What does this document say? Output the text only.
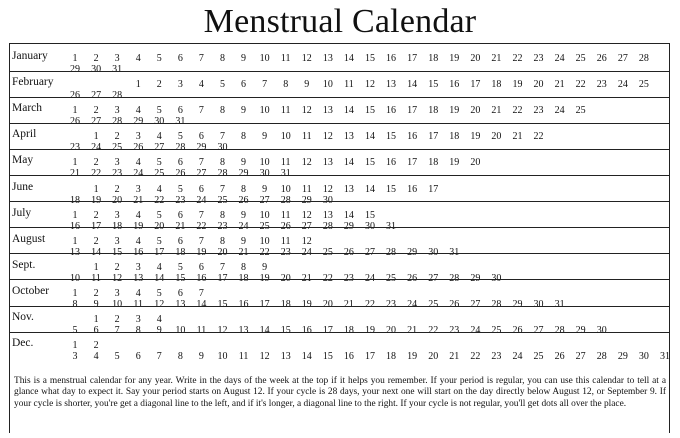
Menstrual Calendar
January	1	2	3	4	5	6	7	8	9	10	11	12	13	14	15	16	17	18	19	20	21	22	23	24	25	26	27	28
29	30	31
February	1	2	3	4	5	6	7	8	9	10	11	12	13	14	15	16	17	18	19	20	21	22	23	24	25
26	27	28
March	1	2	3	4	5	6	7	8	9	10	11	12	13	14	15	16	17	18	19	20	21	22	23	24	25
26	27	28	29	30	31
April	1	2	3	4	5	6	7	8	9	10	11	12	13	14	15	16	17	18	19	20	21	22
23	24	25	26	27	28	29	30
May	1	2	3	4	5	6	7	8	9	10	11	12	13	14	15	16	17	18	19	20
21	22	23	24	25	26	27	28	29	30	31
June	1	2	3	4	5	6	7	8	9	10	11	12	13	14	15	16	17
18	19	20	21	22	23	24	25	26	27	28	29	30
July	1	2	3	4	5	6	7	8	9	10	11	12	13	14	15
16	17	18	19	20	21	22	23	24	25	26	27	28	29	30	31
August	1	2	3	4	5	6	7	8	9	10	11	12
13	14	15	16	17	18	19	20	21	22	23	24	25	26	27	28	29	30	31
Sept.	1	2	3	4	5	6	7	8	9
10	11	12	13	14	15	16	17	18	19	20	21	22	23	24	25	26	27	28	29	30
October	1	2	3	4	5	6	7
8	9	10	11	12	13	14	15	16	17	18	19	20	21	22	23	24	25	26	27	28	29	30	31
Nov.	1	2	3	4
5	6	7	8	9	10	11	12	13	14	15	16	17	18	19	20	21	22	23	24	25	26	27	28	29	30
Dec.	1	2
3	4	5	6	7	8	9	10	11	12	13	14	15	16	17	18	19	20	21	22	23	24	25	26	27	28	29	30	31
This is a menstrual calendar for any year. Write in the days of the week at the top if it helps you remember. If your period is regular, you can use this calendar to tell at a glance what day to expect it. Say your period starts on August 12. If your cycle is 28 days, your next one will start on the day directly below August 12, or September 9. If your cycle is shorter, you're get a diagonal line to the left, and if it's longer, a diagonal line to the right. If your cycle is not regular, you'll get dots all over the place.
